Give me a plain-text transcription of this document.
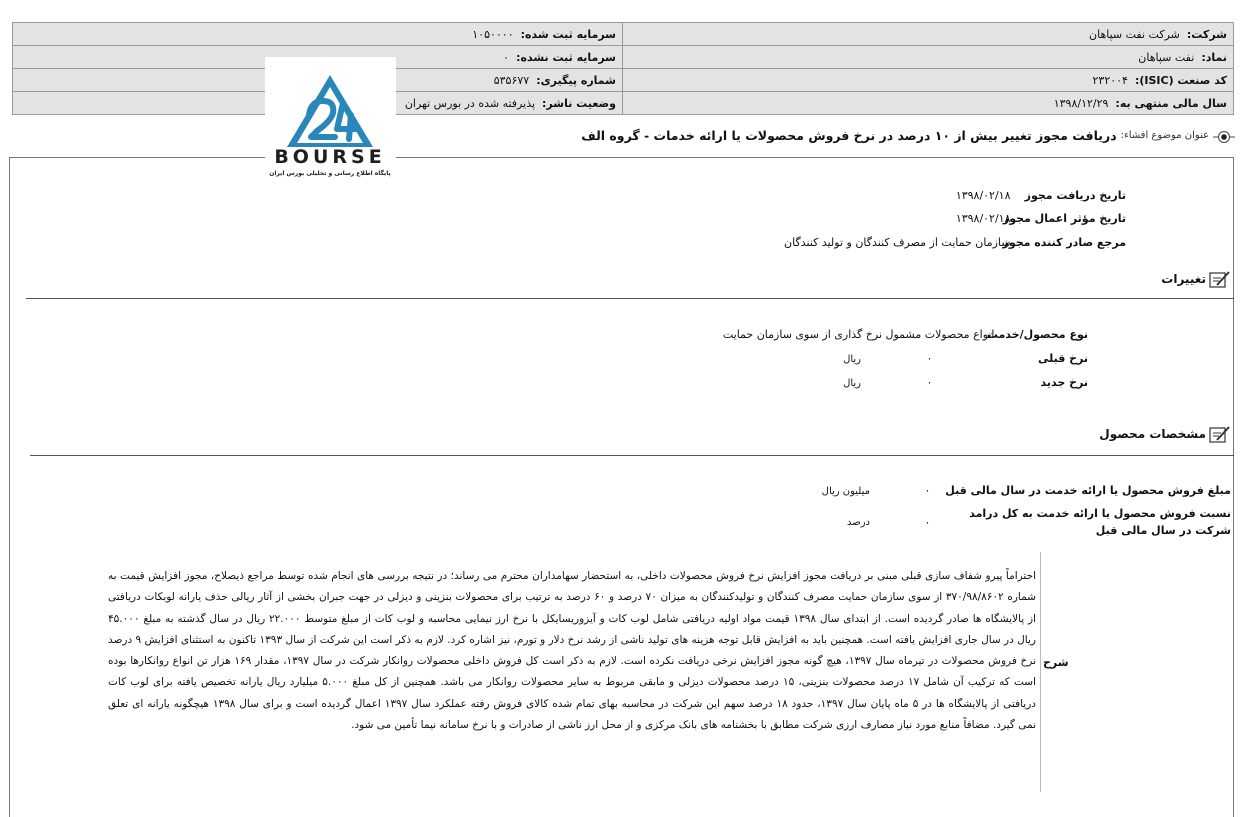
شرکت:  شرکت نفت سپاهان	سرمایه ثبت شده:  ۱۰۵۰۰۰۰
نماد:  نفت سپاهان	سرمایه ثبت نشده:  ۰
کد صنعت (ISIC):  ۲۳۲۰۰۴	شماره پیگیری:  ۵۳۵۶۷۷
سال مالی منتهی به:  ۱۳۹۸/۱۲/۲۹	وضعیت ناشر:  پذیرفته شده در بورس تهران
BOURSE
پایگاه اطلاع رسانی و تحلیلی بورس ایران
عنوان موضوع افشاء:
دریافت مجوز تغییر بیش از ۱۰ درصد در نرخ فروش محصولات یا ارائه خدمات - گروه الف
تاریخ دریافت مجوز ۱۳۹۸/۰۲/۱۸
تاریخ مؤثر اعمال مجوز ۱۳۹۸/۰۲/۱۸
مرجع صادر کننده مجوز سازمان حمایت از مصرف کنندگان و تولید کنندگان
تغییرات
نوع محصول/خدمت انواع محصولات مشمول نرخ گذاری از سوی سازمان حمایت
نرخ قبلی ۰ ریال
نرخ جدید ۰ ریال
مشخصات محصول
مبلغ فروش محصول یا ارائه خدمت در سال مالی قبل ۰ میلیون ریال
نسبت فروش محصول یا ارائه خدمت به کل درامد
شرکت در سال مالی قبل ۰ درصد
شرح
احتراماً پیرو شفاف سازی قبلی مبنی بر دریافت مجوز افزایش نرخ فروش محصولات داخلی، به استحضار سهامداران محترم می رساند؛ در نتیجه بررسی های انجام شده توسط مراجع ذیصلاح، مجوز افزایش قیمت به شماره ۳۷۰/۹۸/۸۶۰۲ از سوی سازمان حمایت مصرف کنندگان و تولیدکنندگان به میزان ۷۰ درصد و ۶۰ درصد به ترتیب برای محصولات بنزینی و دیزلی در جهت جبران بخشی از آثار ریالی حذف یارانه لوبکات دریافتی از پالایشگاه ها صادر گردیده است. از ابتدای سال ۱۳۹۸ قیمت مواد اولیه دریافتی شامل لوب کات و آیزوریسایکل با نرخ ارز نیمایی محاسبه و لوب کات از مبلغ متوسط ۲۲.۰۰۰ ریال در سال گذشته به مبلغ ۴۵.۰۰۰ ریال در سال جاری افزایش یافته است. همچنین باید به افزایش قابل توجه هزینه های تولید ناشی از رشد نرخ دلار و تورم، نیز اشاره کرد. لازم به ذکر است این شرکت از سال ۱۳۹۳ تاکنون به استثنای افزایش ۹ درصد نرخ فروش محصولات در تیرماه سال ۱۳۹۷، هیچ گونه مجوز افزایش نرخی دریافت نکرده است. لازم به ذکر است کل فروش داخلی محصولات روانکار شرکت در سال ۱۳۹۷، مقدار ۱۶۹ هزار تن انواع روانکارها بوده است که ترکیب آن شامل ۱۷ درصد محصولات بنزینی، ۱۵ درصد محصولات دیزلی و مابقی مربوط به سایر محصولات روانکار می باشد. همچنین از کل مبلغ ۵.۰۰۰ میلیارد ریال یارانه تخصیص یافته برای لوب کات دریافتی از پالایشگاه ها در ۵ ماه پایان سال ۱۳۹۷، حدود ۱۸ درصد سهم این شرکت در محاسبه بهای تمام شده کالای فروش رفته عملکرد سال ۱۳۹۷ اعمال گردیده است و برای سال ۱۳۹۸ هیچگونه یارانه ای تعلق نمی گیرد. مضافاً منابع مورد نیاز مصارف ارزی شرکت مطابق با بخشنامه های بانک مرکزی و از محل ارز ناشی از صادرات و با نرخ سامانه نیما تأمین می شود.
